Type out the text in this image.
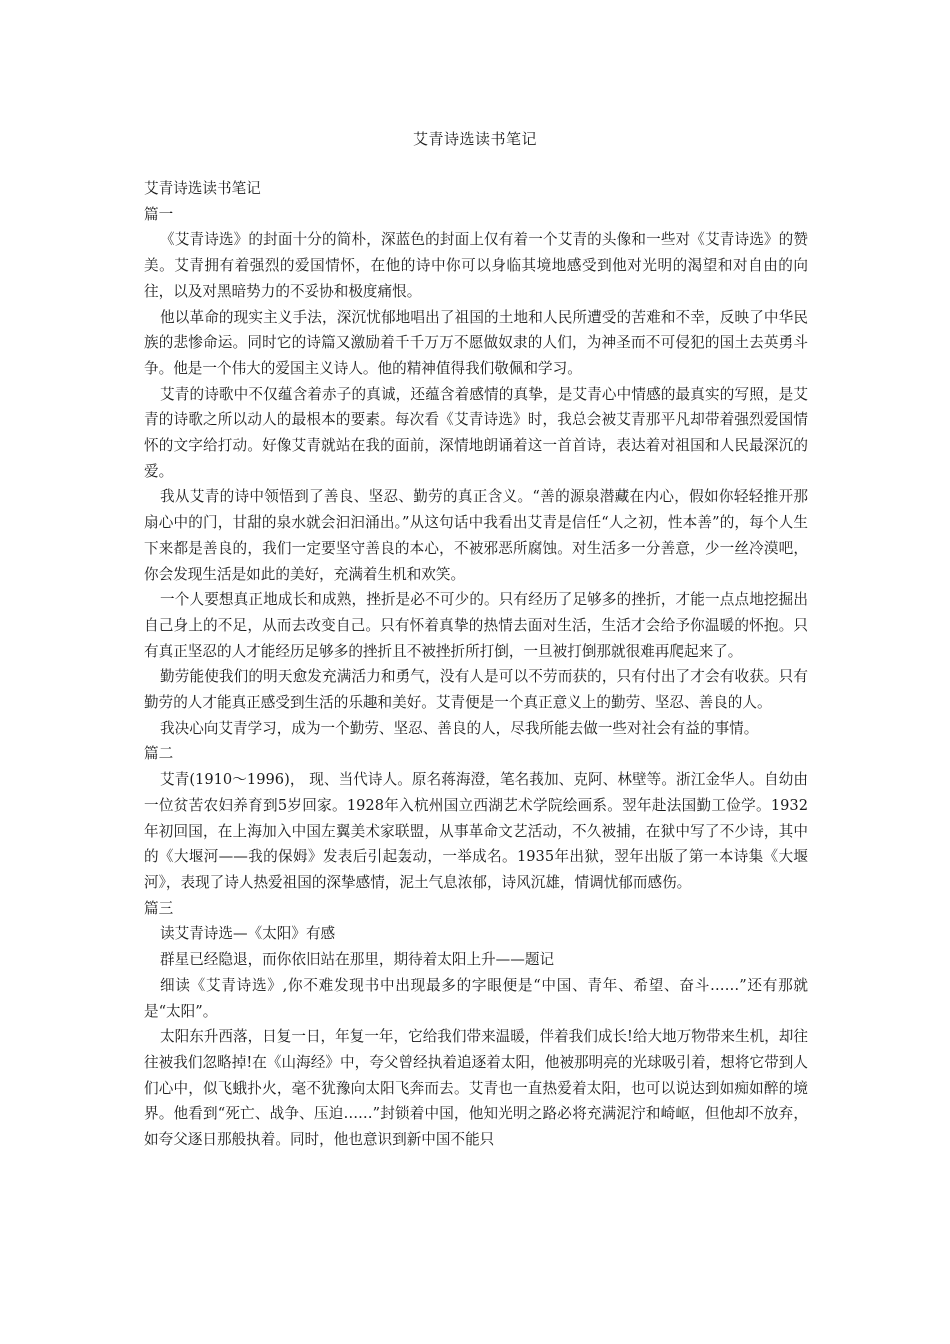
艾青诗选读书笔记

艾青诗选读书笔记

篇一

《艾青诗选》的封面十分的简朴，深蓝色的封面上仅有着一个艾青的头像和一些对《艾青诗选》的赞美。艾青拥有着强烈的爱国情怀，在他的诗中你可以身临其境地感受到他对光明的渴望和对自由的向往，以及对黑暗势力的不妥协和极度痛恨。

他以革命的现实主义手法，深沉忧郁地唱出了祖国的土地和人民所遭受的苦难和不幸，反映了中华民族的悲惨命运。同时它的诗篇又激励着千千万万不愿做奴隶的人们，为神圣而不可侵犯的国土去英勇斗争。他是一个伟大的爱国主义诗人。他的精神值得我们敬佩和学习。

艾青的诗歌中不仅蕴含着赤子的真诚，还蕴含着感情的真挚，是艾青心中情感的最真实的写照，是艾青的诗歌之所以动人的最根本的要素。每次看《艾青诗选》时，我总会被艾青那平凡却带着强烈爱国情怀的文字给打动。好像艾青就站在我的面前，深情地朗诵着这一首首诗，表达着对祖国和人民最深沉的爱。

我从艾青的诗中领悟到了善良、坚忍、勤劳的真正含义。“善的源泉潜藏在内心，假如你轻轻推开那扇心中的门，甘甜的泉水就会汩汩涌出。”从这句话中我看出艾青是信任“人之初，性本善”的，每个人生下来都是善良的，我们一定要坚守善良的本心，不被邪恶所腐蚀。对生活多一分善意，少一丝冷漠吧，你会发现生活是如此的美好，充满着生机和欢笑。

一个人要想真正地成长和成熟，挫折是必不可少的。只有经历了足够多的挫折，才能一点点地挖掘出自己身上的不足，从而去改变自己。只有怀着真挚的热情去面对生活，生活才会给予你温暖的怀抱。只有真正坚忍的人才能经历足够多的挫折且不被挫折所打倒，一旦被打倒那就很难再爬起来了。

勤劳能使我们的明天愈发充满活力和勇气，没有人是可以不劳而获的，只有付出了才会有收获。只有勤劳的人才能真正感受到生活的乐趣和美好。艾青便是一个真正意义上的勤劳、坚忍、善良的人。

我决心向艾青学习，成为一个勤劳、坚忍、善良的人，尽我所能去做一些对社会有益的事情。

篇二

艾青(1910～1996)， 现、当代诗人。原名蒋海澄，笔名莪加、克阿、林壁等。浙江金华人。自幼由一位贫苦农妇养育到5岁回家。1928年入杭州国立西湖艺术学院绘画系。翌年赴法国勤工俭学。1932年初回国，在上海加入中国左翼美术家联盟，从事革命文艺活动，不久被捕，在狱中写了不少诗，其中的《大堰河——我的保姆》发表后引起轰动，一举成名。1935年出狱，翌年出版了第一本诗集《大堰河》，表现了诗人热爱祖国的深挚感情，泥土气息浓郁，诗风沉雄，情调忧郁而感伤。

篇三

读艾青诗选—《太阳》有感

群星已经隐退，而你依旧站在那里，期待着太阳上升——题记

细读《艾青诗选》,你不难发现书中出现最多的字眼便是“中国、青年、希望、奋斗……”还有那就是“太阳”。

太阳东升西落，日复一日，年复一年，它给我们带来温暖，伴着我们成长!给大地万物带来生机，却往往被我们忽略掉!在《山海经》中，夸父曾经执着追逐着太阳，他被那明亮的光球吸引着，想将它带到人们心中，似飞蛾扑火，毫不犹豫向太阳飞奔而去。艾青也一直热爱着太阳，也可以说达到如痴如醉的境界。他看到“死亡、战争、压迫……”封锁着中国，他知光明之路必将充满泥泞和崎岖，但他却不放弃，如夸父逐日那般执着。同时，他也意识到新中国不能只
